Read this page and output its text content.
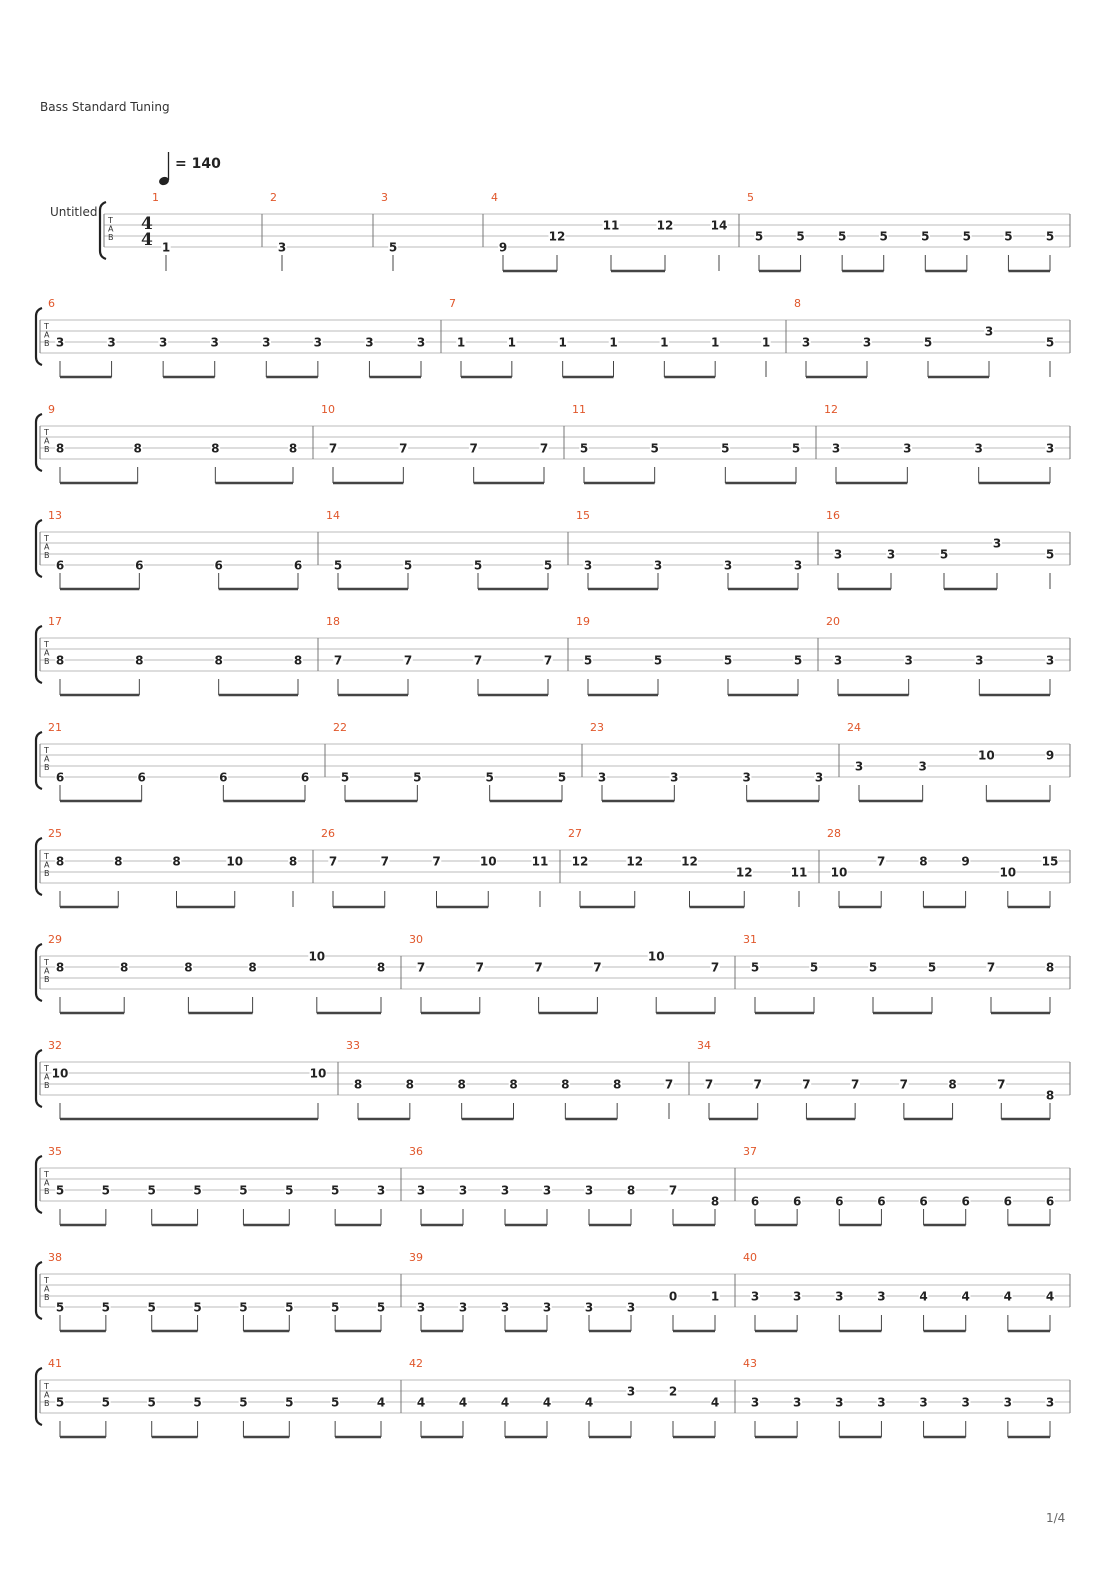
Bass Standard Tuning
= 140
Untitled
T
A
B
4
4
1
1
2
3
3
5
4
9
12
11	12	14
5
5	5	5	5	5	5	5	5
T
A
B
6
3	3	3	3	3	3	3	3
7
1	1	1	1	1	1	1
8
3	3	5
3
5
T
A
B
9
8	8	8	8
10
7	7	7	7
11
5	5	5	5
12
3	3	3	3
T
A
B
13
6	6	6	6
14
5	5	5	5
15
3	3	3	3
16
3	3	5
3
5
T
A
B
17
8	8	8	8
18
7	7	7	7
19
5	5	5	5
20
3	3	3	3
T
A
B
21
6	6	6	6
22
5	5	5	5
23
3	3	3	3
24
3	3
10	9
T
A
B
25
8	8	8	10	8
26
7	7	7	10	11
27
12	12	12
12	11
28
10
7	8	9
10
15
T
A
B
29
8	8	8	8
10
8
30
7	7	7	7
10
7
31
5	5	5	5	7	8
T
A
B
32
10	10
33
8	8	8	8	8	8	7
34
7	7	7	7	7	8	7
8
T
A
B
35
5	5	5	5	5	5	5	3
36
3	3	3	3	3	8	7
8
37
6	6	6	6	6	6	6	6
T
A
B
38
5	5	5	5	5	5	5	5
39
3	3	3	3	3	3
0	1
40
3	3	3	3	4	4	4	4
T
A
B
41
5	5	5	5	5	5	5	4
42
4	4	4	4	4
3	2
4
43
3	3	3	3	3	3	3	3
1/4
